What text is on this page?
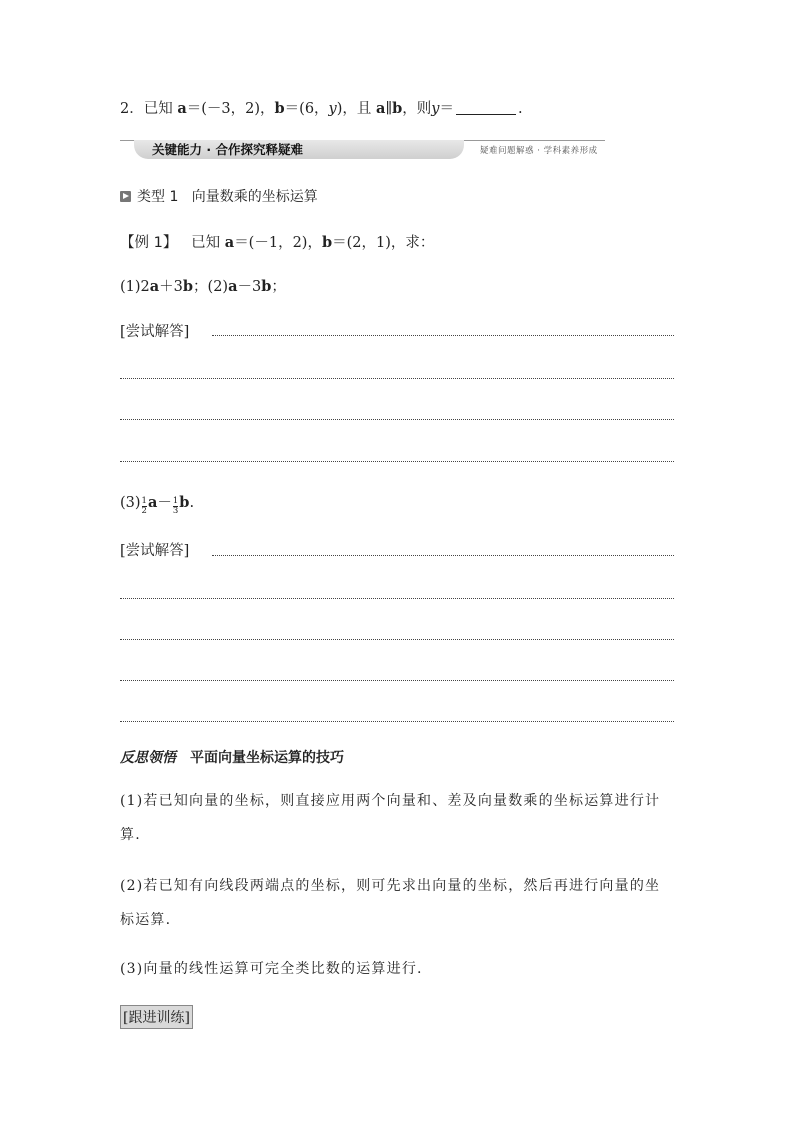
2．已知 a＝(－3，2)，b＝(6，y)，且 a∥b，则y＝	.
关键能力 · 合作探究释疑难	疑难问题解惑 · 学科素养形成
类型 1 向量数乘的坐标运算
【例 1】 已知 a＝(－1，2)，b＝(2，1)，求：
(1)2a＋3b；(2)a－3b；
[尝试解答]
$(3) \frac{1}{2} a- \frac{1}{3} b$.
[尝试解答]
反思领悟 平面向量坐标运算的技巧
(1)若已知向量的坐标，则直接应用两个向量和、差及向量数乘的坐标运算进行计算.
(2)若已知有向线段两端点的坐标，则可先求出向量的坐标，然后再进行向量的坐标运算.
(3)向量的线性运算可完全类比数的运算进行.
[跟进训练]
